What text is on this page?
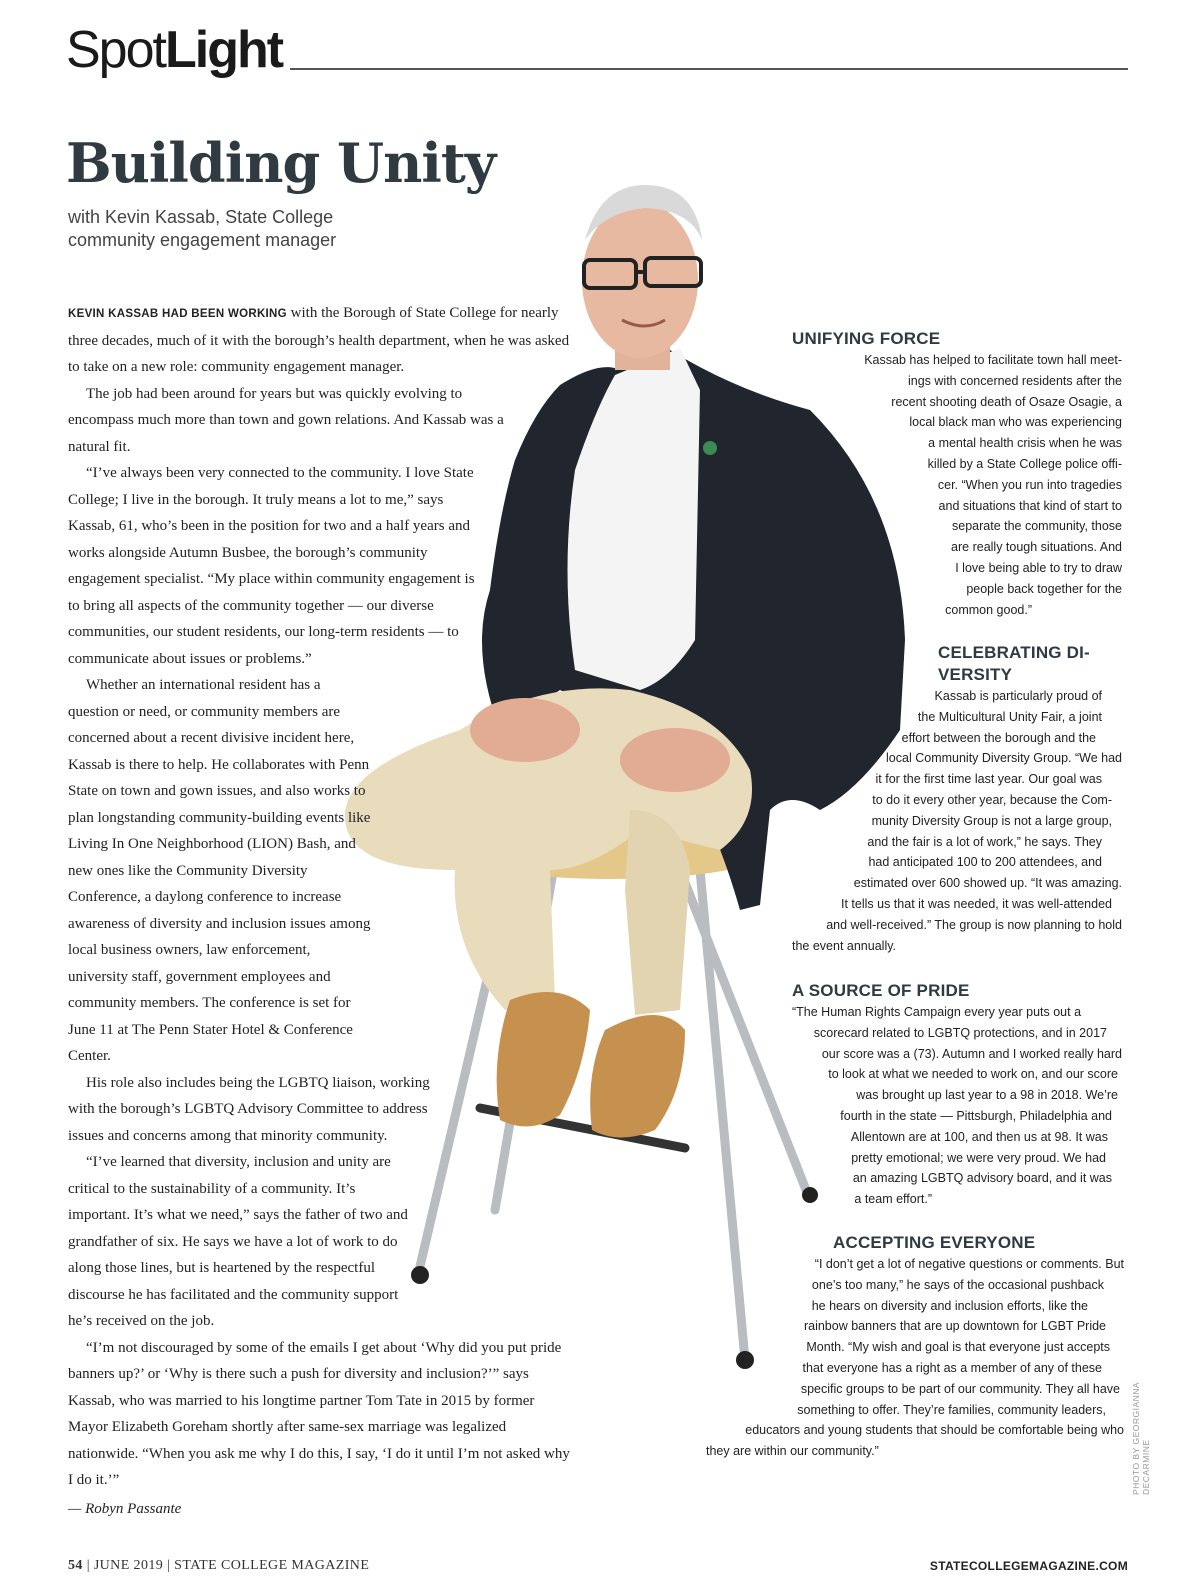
SpotLight
Building Unity
with Kevin Kassab, State College
community engagement manager

KEVIN KASSAB HAD BEEN WORKING with the Borough of State College for nearly three decades, much of it with the borough’s health department, when he was asked to take on a new role: community engagement manager.

The job had been around for years but was quickly evolving to encompass much more than town and gown relations. And Kassab was a natural fit.

“I’ve always been very connected to the community. I love State College; I live in the borough. It truly means a lot to me,” says Kassab, 61, who’s been in the position for two and a half years and works alongside Autumn Busbee, the borough’s community engagement specialist. “My place within community engagement is to bring all aspects of the community together — our diverse communities, our student residents, our long-term residents — to communicate about issues or problems.”

Whether an international resident has a question or need, or community members are concerned about a recent divisive incident here, Kassab is there to help. He collaborates with Penn State on town and gown issues, and also works to plan longstanding community-building events like Living In One Neighborhood (LION) Bash, and new ones like the Community Diversity Conference, a daylong conference to increase awareness of diversity and inclusion issues among local business owners, law enforcement, university staff, government employees and community members. The conference is set for June 11 at The Penn Stater Hotel & Conference Center.

His role also includes being the LGBTQ liaison, working with the borough’s LGBTQ Advisory Committee to address issues and concerns among that minority community.

“I’ve learned that diversity, inclusion and unity are critical to the sustainability of a community. It’s important. It’s what we need,” says the father of two and grandfather of six. He says we have a lot of work to do along those lines, but is heartened by the respectful discourse he has facilitated and the community support he’s received on the job.

“I’m not discouraged by some of the emails I get about ‘Why did you put pride banners up?’ or ‘Why is there such a push for diversity and inclusion?’” says Kassab, who was married to his longtime partner Tom Tate in 2015 by former Mayor Elizabeth Goreham shortly after same-sex marriage was legalized nationwide. “When you ask me why I do this, I say, ‘I do it until I’m not asked why I do it.’”

— Robyn Passante

UNIFYING FORCE
Kassab has helped to facilitate town hall meet-
ings with concerned residents after the
recent shooting death of Osaze Osagie, a
local black man who was experiencing
a mental health crisis when he was
killed by a State College police offi-
cer. “When you run into tragedies
and situations that kind of start to
separate the community, those
are really tough situations. And
I love being able to try to draw
people back together for the
common good.”
CELEBRATING DI-
VERSITY
Kassab is particularly proud of
the Multicultural Unity Fair, a joint
effort between the borough and the
local Community Diversity Group. “We had
it for the first time last year. Our goal was
to do it every other year, because the Com-
munity Diversity Group is not a large group,
and the fair is a lot of work,” he says. They
had anticipated 100 to 200 attendees, and
estimated over 600 showed up. “It was amazing.
It tells us that it was needed, it was well-attended
and well-received.” The group is now planning to hold
the event annually.
A SOURCE OF PRIDE
“The Human Rights Campaign every year puts out a
scorecard related to LGBTQ protections, and in 2017
our score was a (73). Autumn and I worked really hard
to look at what we needed to work on, and our score
was brought up last year to a 98 in 2018. We’re
fourth in the state — Pittsburgh, Philadelphia and
Allentown are at 100, and then us at 98. It was
pretty emotional; we were very proud. We had
an amazing LGBTQ advisory board, and it was
a team effort.”
ACCEPTING EVERYONE
“I don’t get a lot of negative questions or comments. But
one’s too many,” he says of the occasional pushback
he hears on diversity and inclusion efforts, like the
rainbow banners that are up downtown for LGBT Pride
Month. “My wish and goal is that everyone just accepts
that everyone has a right as a member of any of these
specific groups to be part of our community. They all have
something to offer. They’re families, community leaders,
educators and young students that should be comfortable being who
they are within our community.”	PHOTO BY GEORGIANNA DECARMINE
54 | JUNE 2019 | STATE COLLEGE MAGAZINE	STATECOLLEGEMAGAZINE.COM
